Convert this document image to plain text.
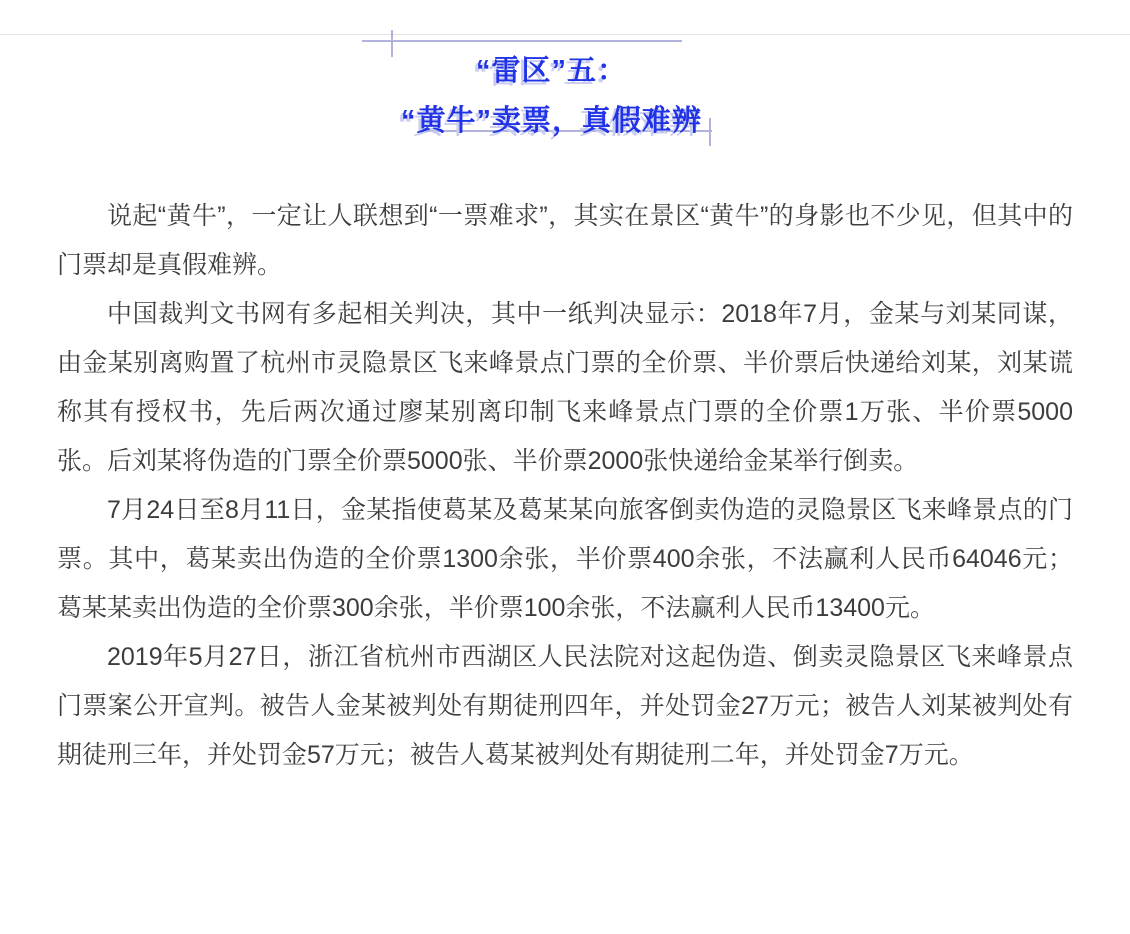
“雷区”五：
“黄牛”卖票，真假难辨

说起“黄牛”，一定让人联想到“一票难求”，其实在景区“黄牛”的身影也不少见，但其中的门票却是真假难辨。

中国裁判文书网有多起相关判决，其中一纸判决显示：2018年7月，金某与刘某同谋，由金某别离购置了杭州市灵隐景区飞来峰景点门票的全价票、半价票后快递给刘某，刘某谎称其有授权书，先后两次通过廖某别离印制飞来峰景点门票的全价票1万张、半价票5000张。后刘某将伪造的门票全价票5000张、半价票2000张快递给金某举行倒卖。

7月24日至8月11日，金某指使葛某及葛某某向旅客倒卖伪造的灵隐景区飞来峰景点的门票。其中，葛某卖出伪造的全价票1300余张，半价票400余张，不法赢利人民币64046元；葛某某卖出伪造的全价票300余张，半价票100余张，不法赢利人民币13400元。

2019年5月27日，浙江省杭州市西湖区人民法院对这起伪造、倒卖灵隐景区飞来峰景点门票案公开宣判。被告人金某被判处有期徒刑四年，并处罚金27万元；被告人刘某被判处有期徒刑三年，并处罚金57万元；被告人葛某被判处有期徒刑二年，并处罚金7万元。
